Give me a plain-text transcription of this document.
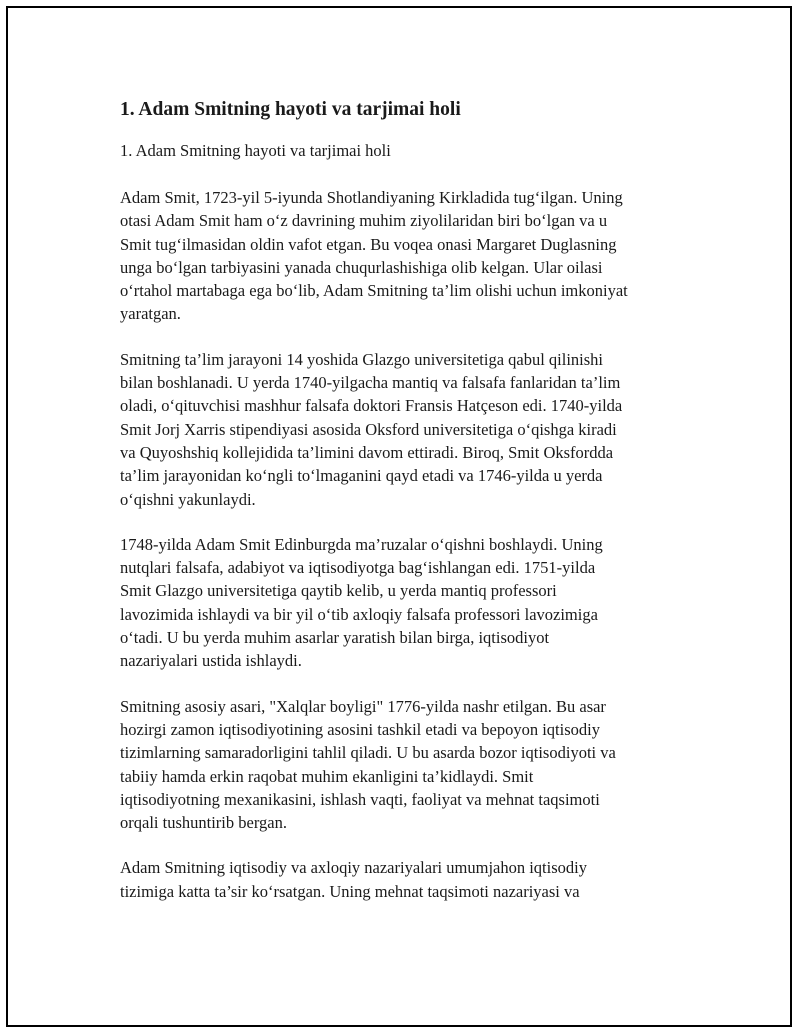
1. Adam Smitning hayoti va tarjimai holi
1. Adam Smitning hayoti va tarjimai holi

Adam Smit, 1723-yil 5-iyunda Shotlandiyaning Kirkladida tug‘ilgan. Uning
otasi Adam Smit ham o‘z davrining muhim ziyolilaridan biri bo‘lgan va u
Smit tug‘ilmasidan oldin vafot etgan. Bu voqea onasi Margaret Duglasning
unga bo‘lgan tarbiyasini yanada chuqurlashishiga olib kelgan. Ular oilasi
o‘rtahol martabaga ega bo‘lib, Adam Smitning ta’lim olishi uchun imkoniyat
yaratgan.

Smitning ta’lim jarayoni 14 yoshida Glazgo universitetiga qabul qilinishi
bilan boshlanadi. U yerda 1740-yilgacha mantiq va falsafa fanlaridan ta’lim
oladi, o‘qituvchisi mashhur falsafa doktori Fransis Hatçeson edi. 1740-yilda
Smit Jorj Xarris stipendiyasi asosida Oksford universitetiga o‘qishga kiradi
va Quyoshshiq kollejidida ta’limini davom ettiradi. Biroq, Smit Oksfordda
ta’lim jarayonidan ko‘ngli to‘lmaganini qayd etadi va 1746-yilda u yerda
o‘qishni yakunlaydi.

1748-yilda Adam Smit Edinburgda ma’ruzalar o‘qishni boshlaydi. Uning
nutqlari falsafa, adabiyot va iqtisodiyotga bag‘ishlangan edi. 1751-yilda
Smit Glazgo universitetiga qaytib kelib, u yerda mantiq professori
lavozimida ishlaydi va bir yil o‘tib axloqiy falsafa professori lavozimiga
o‘tadi. U bu yerda muhim asarlar yaratish bilan birga, iqtisodiyot
nazariyalari ustida ishlaydi.

Smitning asosiy asari, "Xalqlar boyligi" 1776-yilda nashr etilgan. Bu asar
hozirgi zamon iqtisodiyotining asosini tashkil etadi va bepoyon iqtisodiy
tizimlarning samaradorligini tahlil qiladi. U bu asarda bozor iqtisodiyoti va
tabiiy hamda erkin raqobat muhim ekanligini ta’kidlaydi. Smit
iqtisodiyotning mexanikasini, ishlash vaqti, faoliyat va mehnat taqsimoti
orqali tushuntirib bergan.

Adam Smitning iqtisodiy va axloqiy nazariyalari umumjahon iqtisodiy
tizimiga katta ta’sir ko‘rsatgan. Uning mehnat taqsimoti nazariyasi va
